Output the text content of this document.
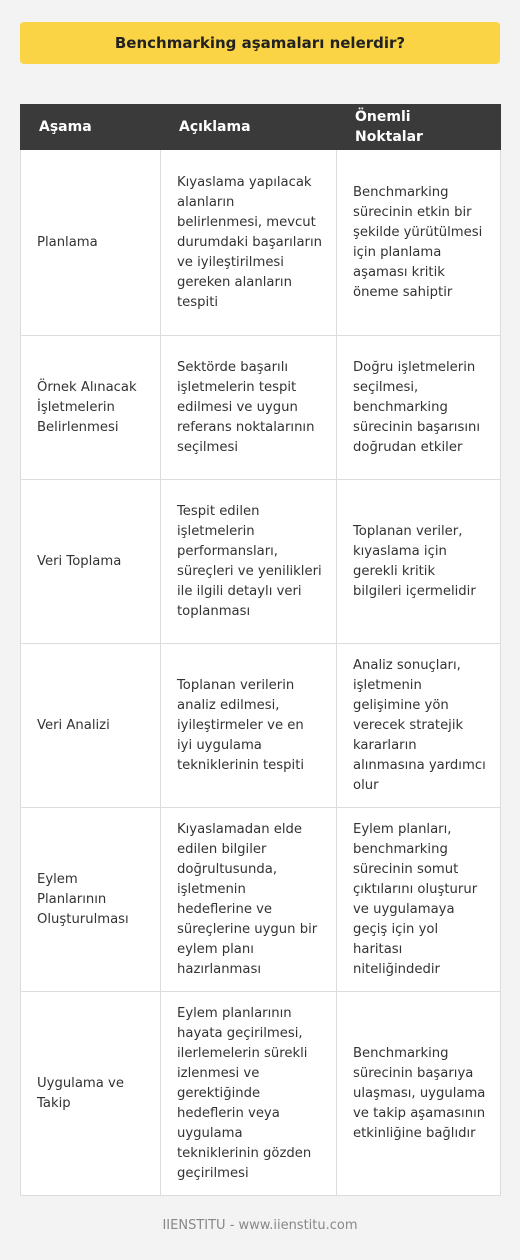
Benchmarking aşamaları nelerdir?
Aşama	Açıklama	Önemli Noktalar
Planlama	Kıyaslama yapılacak alanların belirlenmesi, mevcut durumdaki başarıların ve iyileştirilmesi gereken alanların tespiti	Benchmarking sürecinin etkin bir şekilde yürütülmesi için planlama aşaması kritik öneme sahiptir
Örnek Alınacak İşletmelerin Belirlenmesi	Sektörde başarılı işletmelerin tespit edilmesi ve uygun referans noktalarının seçilmesi	Doğru işletmelerin seçilmesi, benchmarking sürecinin başarısını doğrudan etkiler
Veri Toplama	Tespit edilen işletmelerin performansları, süreçleri ve yenilikleri ile ilgili detaylı veri toplanması	Toplanan veriler, kıyaslama için gerekli kritik bilgileri içermelidir
Veri Analizi	Toplanan verilerin analiz edilmesi, iyileştirmeler ve en iyi uygulama tekniklerinin tespiti	Analiz sonuçları, işletmenin gelişimine yön verecek stratejik kararların alınmasına yardımcı olur
Eylem Planlarının Oluşturulması	Kıyaslamadan elde edilen bilgiler doğrultusunda, işletmenin hedeflerine ve süreçlerine uygun bir eylem planı hazırlanması	Eylem planları, benchmarking sürecinin somut çıktılarını oluşturur ve uygulamaya geçiş için yol haritası niteliğindedir
Uygulama ve Takip	Eylem planlarının hayata geçirilmesi, ilerlemelerin sürekli izlenmesi ve gerektiğinde hedeflerin veya uygulama tekniklerinin gözden geçirilmesi	Benchmarking sürecinin başarıya ulaşması, uygulama ve takip aşamasının etkinliğine bağlıdır
IIENSTITU - www.iienstitu.com
